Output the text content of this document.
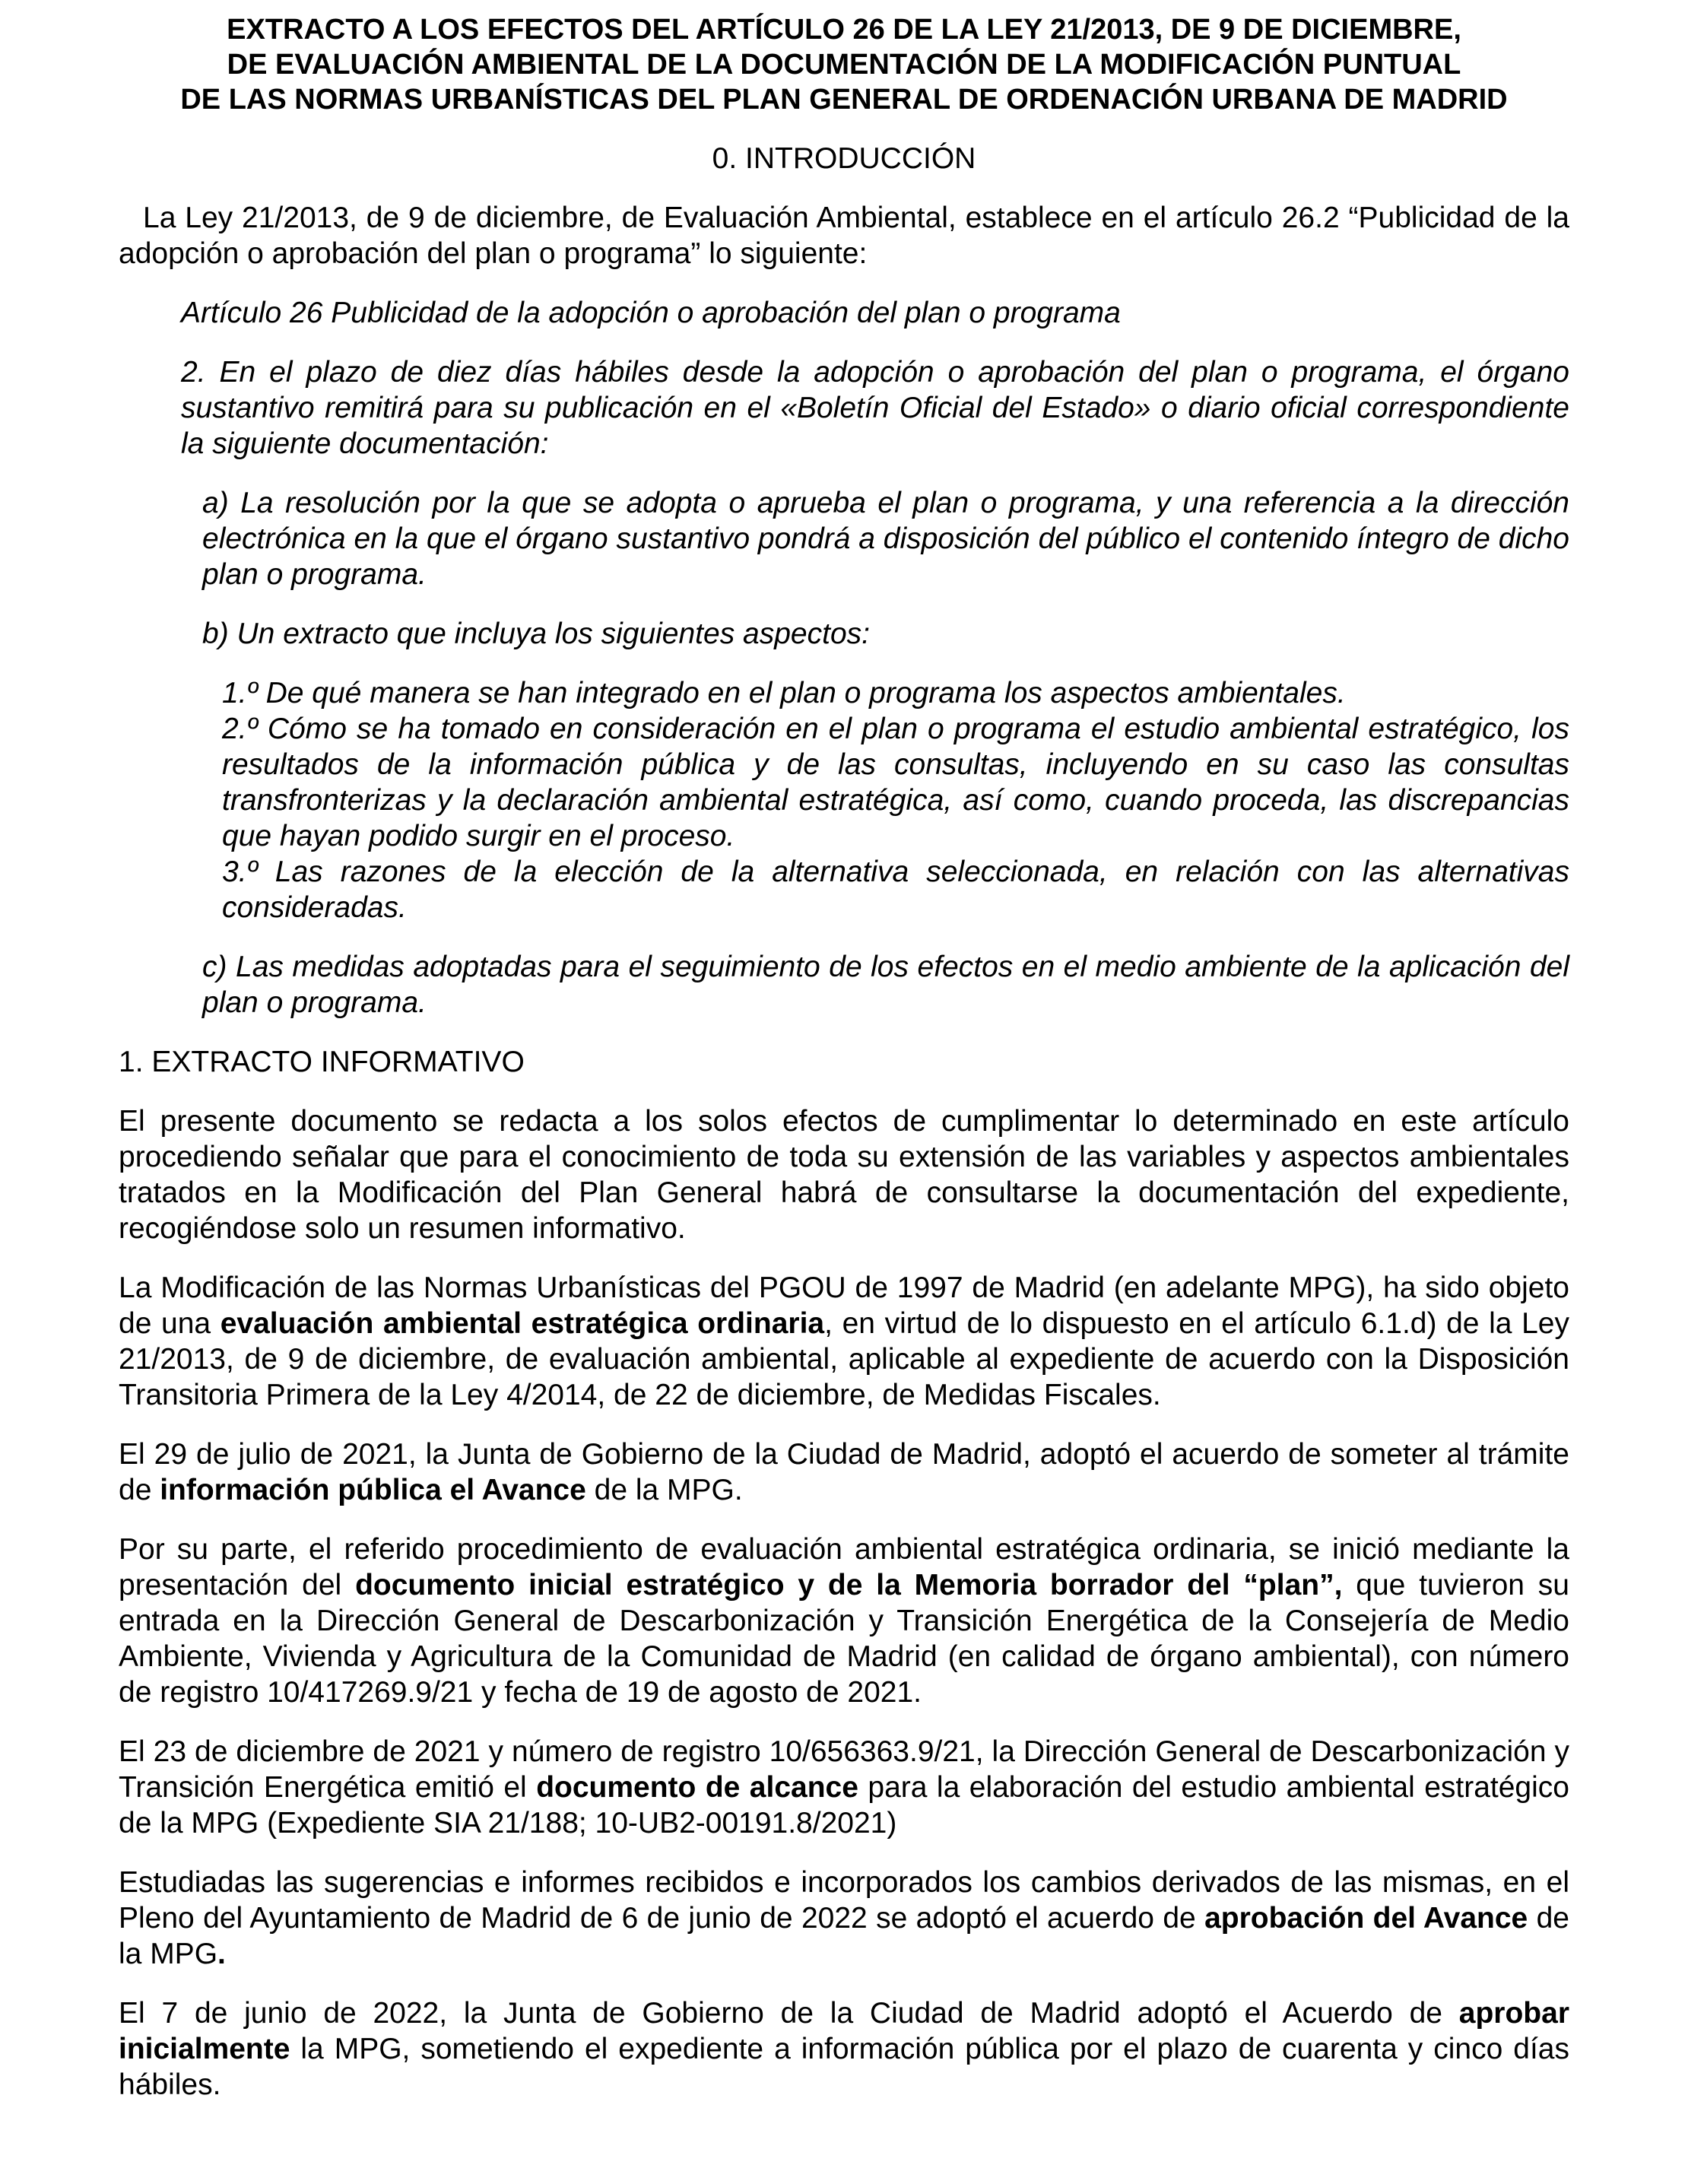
EXTRACTO A LOS EFECTOS DEL ARTÍCULO 26 DE LA LEY 21/2013, DE 9 DE DICIEMBRE,
DE EVALUACIÓN AMBIENTAL DE LA DOCUMENTACIÓN DE LA MODIFICACIÓN PUNTUAL
DE LAS NORMAS URBANÍSTICAS DEL PLAN GENERAL DE ORDENACIÓN URBANA DE MADRID
0. INTRODUCCIÓN
La Ley 21/2013, de 9 de diciembre, de Evaluación Ambiental, establece en el artículo 26.2 “Publicidad de la adopción o aprobación del plan o programa” lo siguiente:
Artículo 26 Publicidad de la adopción o aprobación del plan o programa
2. En el plazo de diez días hábiles desde la adopción o aprobación del plan o programa, el órgano sustantivo remitirá para su publicación en el «Boletín Oficial del Estado» o diario oficial correspondiente la siguiente documentación:
a) La resolución por la que se adopta o aprueba el plan o programa, y una referencia a la dirección electrónica en la que el órgano sustantivo pondrá a disposición del público el contenido íntegro de dicho plan o programa.
b) Un extracto que incluya los siguientes aspectos:
1.º De qué manera se han integrado en el plan o programa los aspectos ambientales.
2.º Cómo se ha tomado en consideración en el plan o programa el estudio ambiental estratégico, los resultados de la información pública y de las consultas, incluyendo en su caso las consultas transfronterizas y la declaración ambiental estratégica, así como, cuando proceda, las discrepancias que hayan podido surgir en el proceso.
3.º Las razones de la elección de la alternativa seleccionada, en relación con las alternativas consideradas.
c) Las medidas adoptadas para el seguimiento de los efectos en el medio ambiente de la aplicación del plan o programa.
1. EXTRACTO INFORMATIVO
El presente documento se redacta a los solos efectos de cumplimentar lo determinado en este artículo procediendo señalar que para el conocimiento de toda su extensión de las variables y aspectos ambientales tratados en la Modificación del Plan General habrá de consultarse la documentación del expediente, recogiéndose solo un resumen informativo.
La Modificación de las Normas Urbanísticas del PGOU de 1997 de Madrid (en adelante MPG), ha sido objeto de una evaluación ambiental estratégica ordinaria, en virtud de lo dispuesto en el artículo 6.1.d) de la Ley 21/2013, de 9 de diciembre, de evaluación ambiental, aplicable al expediente de acuerdo con la Disposición Transitoria Primera de la Ley 4/2014, de 22 de diciembre, de Medidas Fiscales.
El 29 de julio de 2021, la Junta de Gobierno de la Ciudad de Madrid, adoptó el acuerdo de someter al trámite de información pública el Avance de la MPG.
Por su parte, el referido procedimiento de evaluación ambiental estratégica ordinaria, se inició mediante la presentación del documento inicial estratégico y de la Memoria borrador del “plan”, que tuvieron su entrada en la Dirección General de Descarbonización y Transición Energética de la Consejería de Medio Ambiente, Vivienda y Agricultura de la Comunidad de Madrid (en calidad de órgano ambiental), con número de registro 10/417269.9/21 y fecha de 19 de agosto de 2021.
El 23 de diciembre de 2021 y número de registro 10/656363.9/21, la Dirección General de Descarbonización y Transición Energética emitió el documento de alcance para la elaboración del estudio ambiental estratégico de la MPG (Expediente SIA 21/188; 10-UB2-00191.8/2021)
Estudiadas las sugerencias e informes recibidos e incorporados los cambios derivados de las mismas, en el Pleno del Ayuntamiento de Madrid de 6 de junio de 2022 se adoptó el acuerdo de aprobación del Avance de la MPG.
El 7 de junio de 2022, la Junta de Gobierno de la Ciudad de Madrid adoptó el Acuerdo de aprobar inicialmente la MPG, sometiendo el expediente a información pública por el plazo de cuarenta y cinco días hábiles.
